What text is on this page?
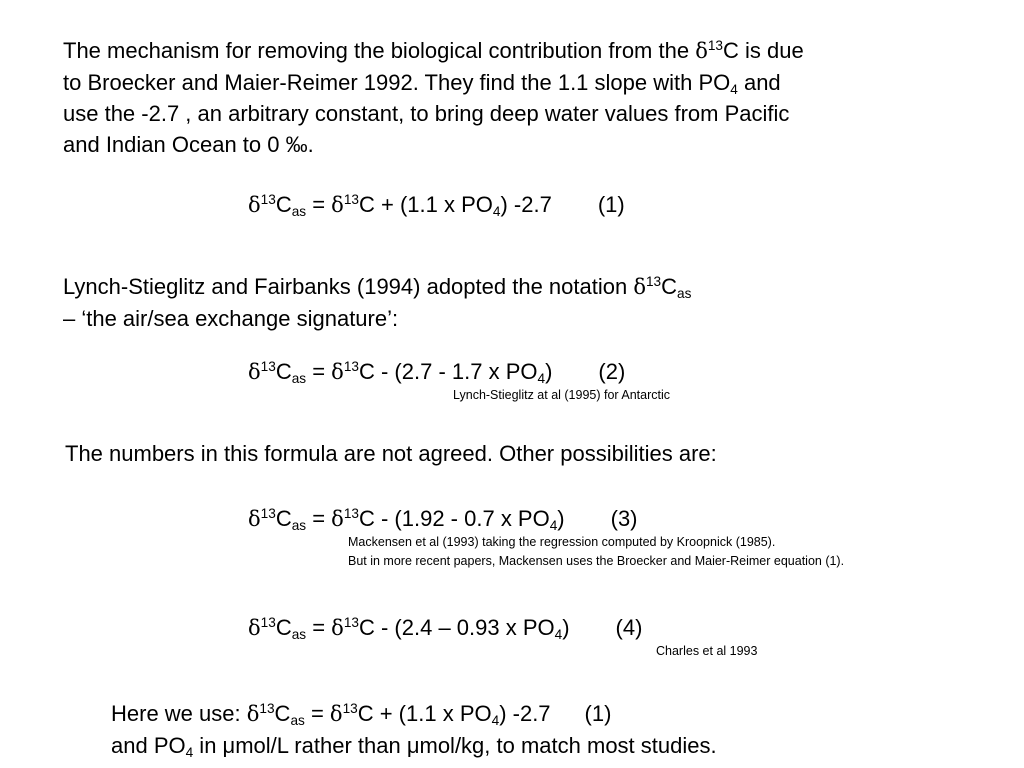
The mechanism for removing the biological contribution from the $\delta^{13}C$ is due
to Broecker and Maier-Reimer 1992. They find the 1.1 slope with $PO_4$ and
use the -2.7 , an arbitrary constant, to bring deep water values from Pacific
and Indian Ocean to 0 ‰.
$\delta^{13}C_{as} = \delta^{13}C + (1.1$ x $PO_4$) -2.7 (1)
Lynch-Stieglitz and Fairbanks (1994) adopted the notation $\delta^{13}C_{as}$
– ‘the air/sea exchange signature’:
$\delta^{13}C_{as} = \delta^{13}C - (2.7 - 1.7$ x $PO_4$) (2)
Lynch-Stieglitz at al (1995) for Antarctic
The numbers in this formula are not agreed. Other possibilities are:
$\delta^{13}C_{as} = \delta^{13}C - (1.92 - 0.7$ x $PO_4$) (3)
Mackensen et al (1993) taking the regression computed by Kroopnick (1985).
But in more recent papers, Mackensen uses the Broecker and Maier-Reimer equation (1).
$\delta^{13}C_{as} = \delta^{13}C - (2.4 - 0.93$ x $PO_4$) (4)
Charles et al 1993
Here we use: $\delta^{13}C_{as} = \delta^{13}C + (1.1$ x $PO_4$) -2.7 (1)
and $PO_4$ in μmol/L rather than μmol/kg, to match most studies.
